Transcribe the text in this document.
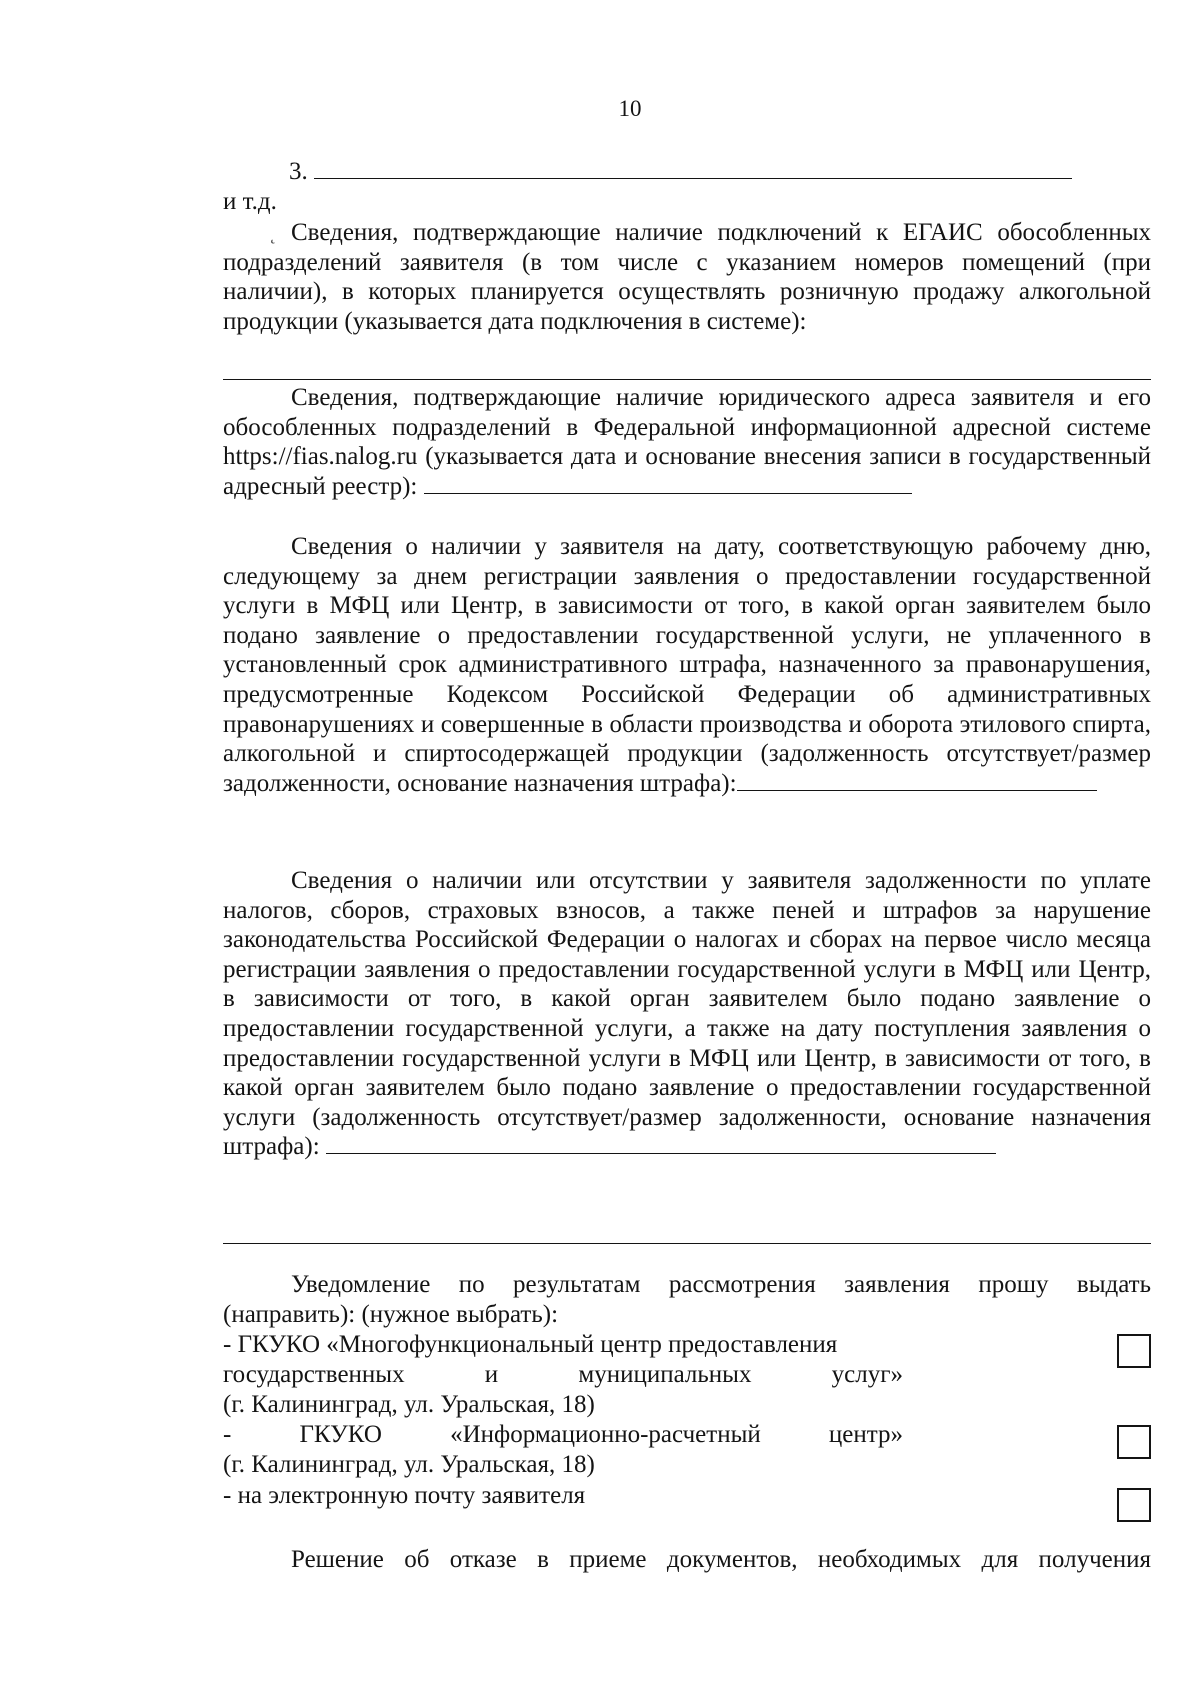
10
3.
и т.д.
˛ Сведения, подтверждающие наличие подключений к ЕГАИС обособленных подразделений заявителя (в том числе с указанием номеров помещений (при наличии), в которых планируется осуществлять розничную продажу алкогольной продукции (указывается дата подключения в системе):

Сведения, подтверждающие наличие юридического адреса заявителя и его обособленных подразделений в Федеральной информационной адресной системе https://fias.nalog.ru (указывается дата и основание внесения записи в государственный адресный реестр):

Сведения о наличии у заявителя на дату, соответствующую рабочему дню, следующему за днем регистрации заявления о предоставлении государственной услуги в МФЦ или Центр, в зависимости от того, в какой орган заявителем было подано заявление о предоставлении государственной услуги, не уплаченного в установленный срок административного штрафа, назначенного за правонарушения, предусмотренные Кодексом Российской Федерации об административных правонарушениях и совершенные в области производства и оборота этилового спирта, алкогольной и спиртосодержащей продукции (задолженность отсутствует/размер задолженности, основание назначения штрафа):

Сведения о наличии или отсутствии у заявителя задолженности по уплате налогов, сборов, страховых взносов, а также пеней и штрафов за нарушение законодательства Российской Федерации о налогах и сборах на первое число месяца регистрации заявления о предоставлении государственной услуги в МФЦ или Центр, в зависимости от того, в какой орган заявителем было подано заявление о предоставлении государственной услуги, а также на дату поступления заявления о предоставлении государственной услуги в МФЦ или Центр, в зависимости от того, в какой орган заявителем было подано заявление о предоставлении государственной услуги (задолженность отсутствует/размер задолженности, основание назначения штрафа):

Уведомление по результатам рассмотрения заявления прошу выдать (направить): (нужное выбрать):

- ГКУКО «Многофункциональный центр предоставления
государственных и муниципальных услуг»
(г. Калининград, ул. Уральская, 18)
- ГКУКО «Информационно-расчетный центр»
(г. Калининград, ул. Уральская, 18)
- на электронную почту заявителя

Решение об отказе в приеме документов, необходимых для получения
